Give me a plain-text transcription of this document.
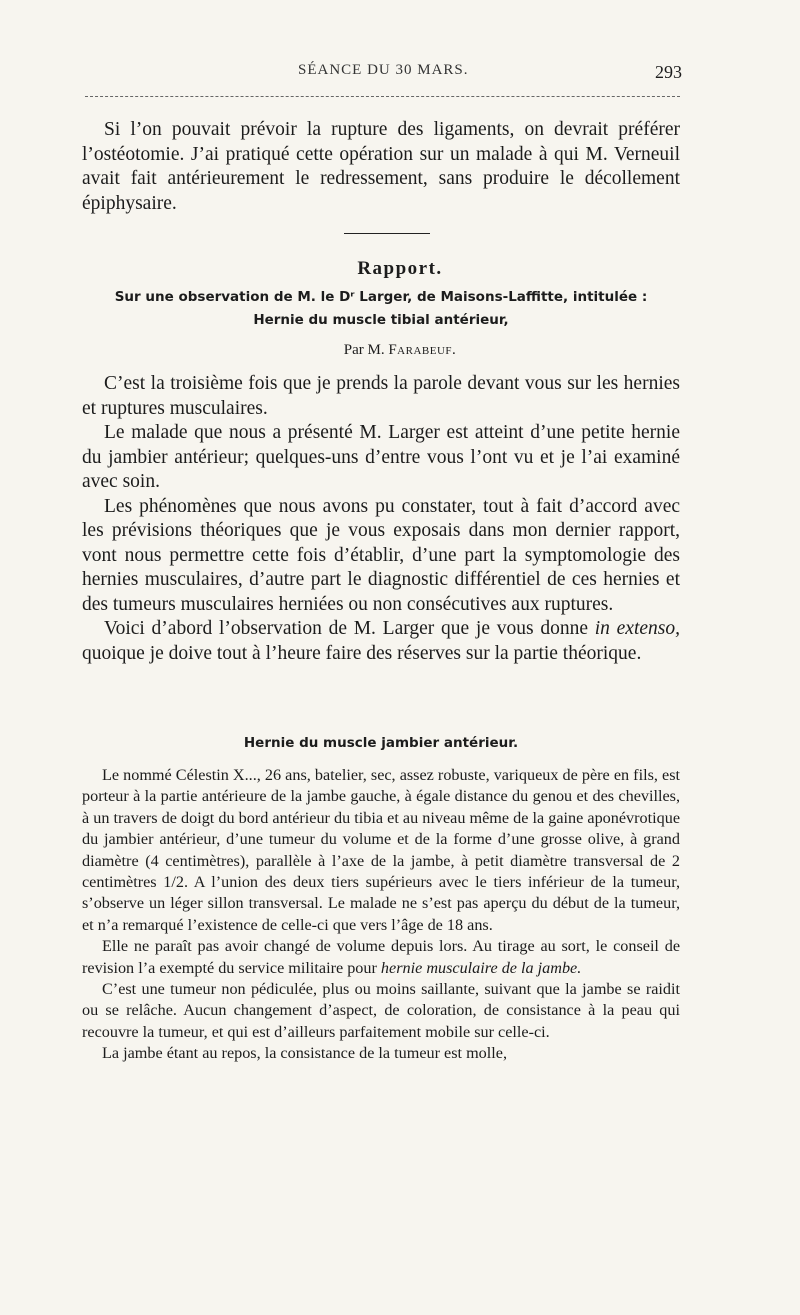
SÉANCE DU 30 MARS.	293

Si l’on pouvait prévoir la rupture des ligaments, on devrait préférer l’ostéotomie. J’ai pratiqué cette opération sur un malade à qui M. Verneuil avait fait antérieurement le redressement, sans produire le décollement épiphysaire.

Rapport.
Sur une observation de M. le Dʳ Larger, de Maisons-Laffitte, intitulée :
Hernie du muscle tibial antérieur,
Par M. Farabeuf.

C’est la troisième fois que je prends la parole devant vous sur les hernies et ruptures musculaires.

Le malade que nous a présenté M. Larger est atteint d’une petite hernie du jambier antérieur; quelques-uns d’entre vous l’ont vu et je l’ai examiné avec soin.

Les phénomènes que nous avons pu constater, tout à fait d’accord avec les prévisions théoriques que je vous exposais dans mon dernier rapport, vont nous permettre cette fois d’établir, d’une part la symptomologie des hernies musculaires, d’autre part le diagnostic différentiel de ces hernies et des tumeurs musculaires herniées ou non consécutives aux ruptures.

Voici d’abord l’observation de M. Larger que je vous donne in extenso, quoique je doive tout à l’heure faire des réserves sur la partie théorique.

Hernie du muscle jambier antérieur.

Le nommé Célestin X..., 26 ans, batelier, sec, assez robuste, variqueux de père en fils, est porteur à la partie antérieure de la jambe gauche, à égale distance du genou et des chevilles, à un travers de doigt du bord antérieur du tibia et au niveau même de la gaine aponévrotique du jambier antérieur, d’une tumeur du volume et de la forme d’une grosse olive, à grand diamètre (4 centimètres), parallèle à l’axe de la jambe, à petit diamètre transversal de 2 centimètres 1/2. A l’union des deux tiers supérieurs avec le tiers inférieur de la tumeur, s’observe un léger sillon transversal. Le malade ne s’est pas aperçu du début de la tumeur, et n’a remarqué l’existence de celle-ci que vers l’âge de 18 ans.

Elle ne paraît pas avoir changé de volume depuis lors. Au tirage au sort, le conseil de revision l’a exempté du service militaire pour hernie musculaire de la jambe.

C’est une tumeur non pédiculée, plus ou moins saillante, suivant que la jambe se raidit ou se relâche. Aucun changement d’aspect, de coloration, de consistance à la peau qui recouvre la tumeur, et qui est d’ailleurs parfaitement mobile sur celle-ci.

La jambe étant au repos, la consistance de la tumeur est molle,
